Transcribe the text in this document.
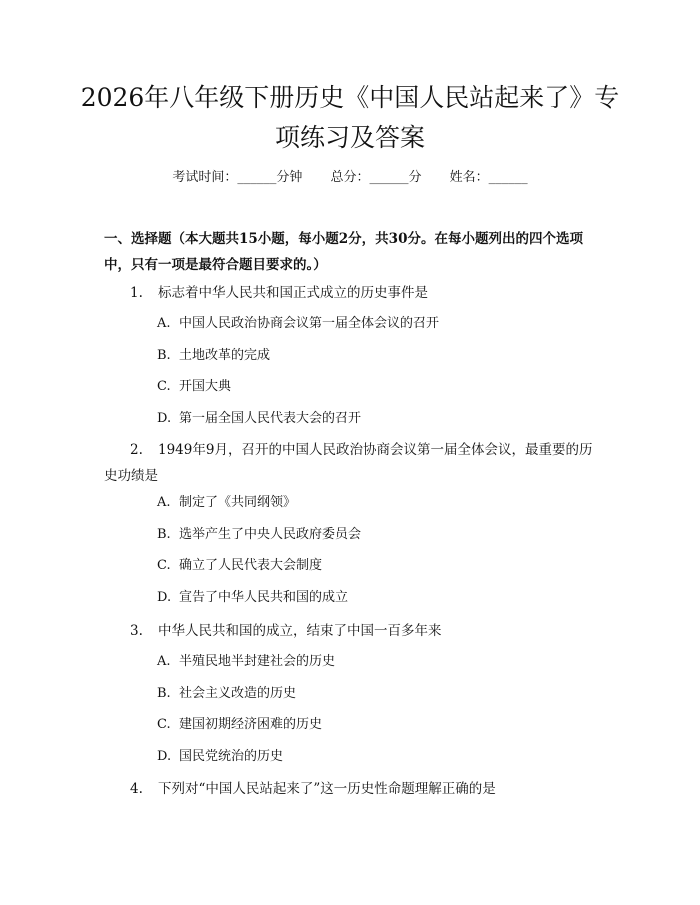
2026年八年级下册历史《中国人民站起来了》专项练习及答案
考试时间：______分钟 总分：______分 姓名：______

一、选择题（本大题共15小题，每小题2分，共30分。在每小题列出的四个选项中，只有一项是最符合题目要求的。）

1. 标志着中华人民共和国正式成立的历史事件是
A. 中国人民政治协商会议第一届全体会议的召开
B. 土地改革的完成
C. 开国大典
D. 第一届全国人民代表大会的召开
2. 1949年9月，召开的中国人民政治协商会议第一届全体会议，最重要的历史功绩是
A. 制定了《共同纲领》
B. 选举产生了中央人民政府委员会
C. 确立了人民代表大会制度
D. 宣告了中华人民共和国的成立
3. 中华人民共和国的成立，结束了中国一百多年来
A. 半殖民地半封建社会的历史
B. 社会主义改造的历史
C. 建国初期经济困难的历史
D. 国民党统治的历史
4. 下列对“中国人民站起来了”这一历史性命题理解正确的是
